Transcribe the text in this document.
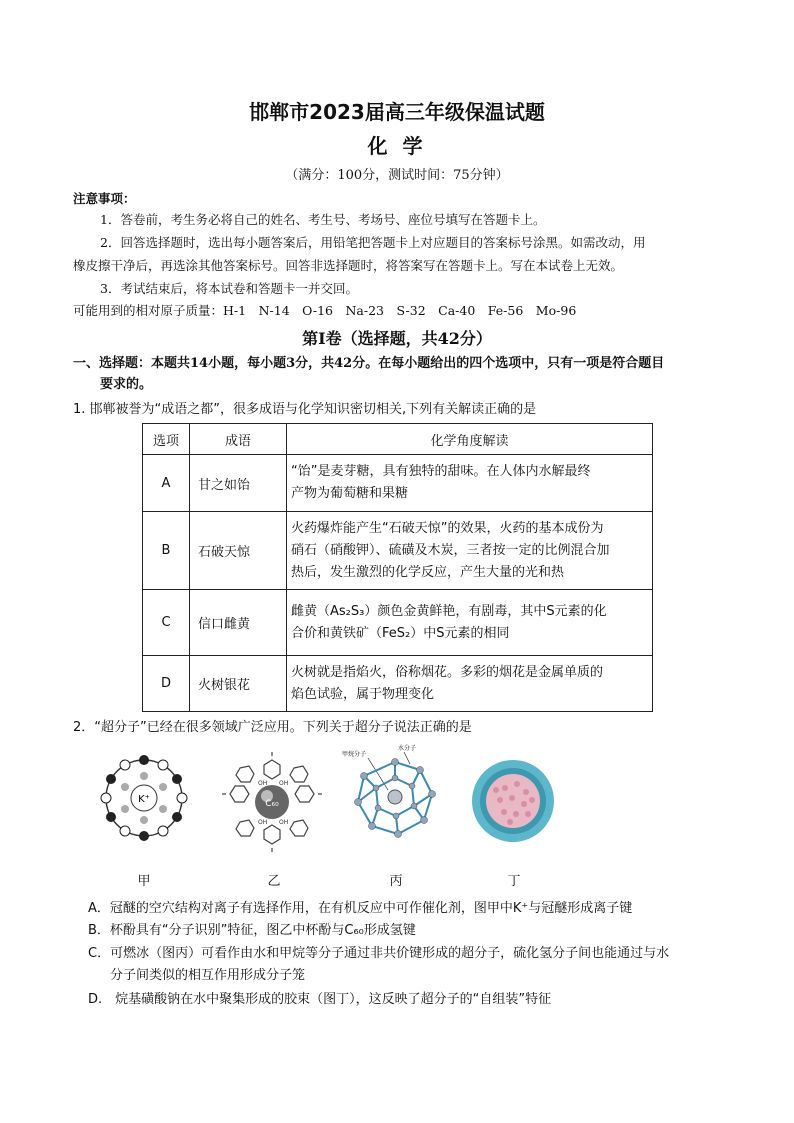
邯郸市2023届高三年级保温试题
化 学
（满分：100分，测试时间：75分钟）
注意事项：
1．答卷前，考生务必将自己的姓名、考生号、考场号、座位号填写在答题卡上。
2．回答选择题时，选出每小题答案后，用铅笔把答题卡上对应题目的答案标号涂黑。如需改动，用
橡皮擦干净后，再选涂其他答案标号。回答非选择题时，将答案写在答题卡上。写在本试卷上无效。
3．考试结束后，将本试卷和答题卡一并交回。
可能用到的相对原子质量：H-1　N-14　O-16　Na-23　S-32　Ca-40　Fe-56　Mo-96
第Ⅰ卷（选择题，共42分）
一、选择题：本题共14小题，每小题3分，共42分。在每小题给出的四个选项中，只有一项是符合题目
要求的。
1. 邯郸被誉为“成语之都”，很多成语与化学知识密切相关,下列有关解读正确的是
选项	成语	化学角度解读
A	甘之如饴	“饴”是麦芽糖，具有独特的甜味。在人体内水解最终
产物为葡萄糖和果糖

B	石破天惊	火药爆炸能产生“石破天惊”的效果，火药的基本成份为
硝石（硝酸钾）、硫磺及木炭，三者按一定的比例混合加
热后，发生激烈的化学反应，产生大量的光和热

C	信口雌黄	雌黄（As₂S₃）颜色金黄鲜艳，有剧毒，其中S元素的化
合价和黄铁矿（FeS₂）中S元素的相同

D	火树银花	火树就是指焰火，俗称烟花。多彩的烟花是金属单质的
焰色试验，属于物理变化
2．“超分子”已经在很多领域广泛应用。下列关于超分子说法正确的是
K⁺	C₆₀
OH OH
OH OH
甲烷分子
水分子
甲	乙	丙	丁
A．冠醚的空穴结构对离子有选择作用，在有机反应中可作催化剂，图甲中K⁺与冠醚形成离子键
B．杯酚具有“分子识别”特征，图乙中杯酚与C₆₀形成氢键
C．可燃冰（图丙）可看作由水和甲烷等分子通过非共价键形成的超分子，硫化氢分子间也能通过与水
分子间类似的相互作用形成分子笼
D.　烷基磺酸钠在水中聚集形成的胶束（图丁），这反映了超分子的“自组装”特征
